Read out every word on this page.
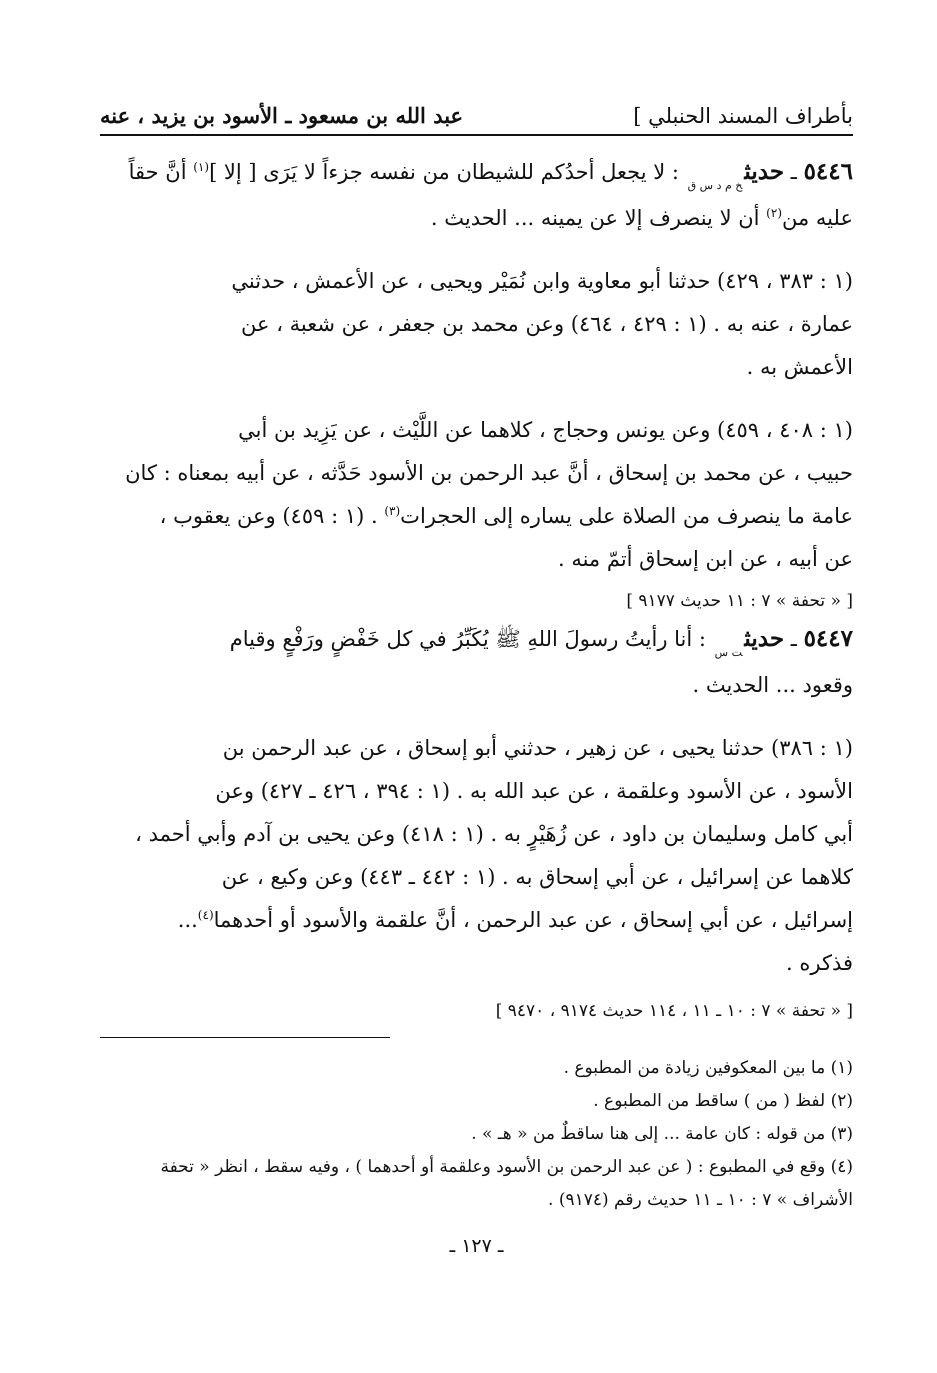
بأطراف المسند الحنبلي ]
عبد الله بن مسعود ـ الأسود بن يزيد ، عنه
٥٤٤٦ ـ حديث$_{خ م د س ق}$ : لا يجعل أحدُكم للشيطان من نفسه جزءاً لا يَرَى [ إلا ]$^{(١)}$ أنَّ حقاً
عليه من$^{(٢)}$ أن لا ينصرف إلا عن يمينه ... الحديث .
(١ : ٣٨٣ ، ٤٢٩) حدثنا أبو معاوية وابن نُمَيْر ويحيى ، عن الأعمش ، حدثني
عمارة ، عنه به . (١ : ٤٢٩ ، ٤٦٤) وعن محمد بن جعفر ، عن شعبة ، عن
الأعمش به .
(١ : ٤٠٨ ، ٤٥٩) وعن يونس وحجاج ، كلاهما عن اللَّيْث ، عن يَزِيد بن أبي
حبيب ، عن محمد بن إسحاق ، أنَّ عبد الرحمن بن الأسود حَدَّثه ، عن أبيه بمعناه : كان
عامة ما ينصرف من الصلاة على يساره إلى الحجرات$^{(٣)}$ . (١ : ٤٥٩) وعن يعقوب ،
عن أبيه ، عن ابن إسحاق أتمّ منه .
[ « تحفة » ٧ : ١١ حديث ٩١٧٧ ]
٥٤٤٧ ـ حديث$_{ت س}$ : أنا رأيتُ رسولَ اللهِ ﷺ يُكَبِّرُ في كل خَفْضٍ ورَفْعٍ وقيام
وقعود ... الحديث .
(١ : ٣٨٦) حدثنا يحيى ، عن زهير ، حدثني أبو إسحاق ، عن عبد الرحمن بن
الأسود ، عن الأسود وعلقمة ، عن عبد الله به . (١ : ٣٩٤ ، ٤٢٦ ـ ٤٢٧) وعن
أبي كامل وسليمان بن داود ، عن زُهَيْرٍ به . (١ : ٤١٨) وعن يحيى بن آدم وأبي أحمد ،
كلاهما عن إسرائيل ، عن أبي إسحاق به . (١ : ٤٤٢ ـ ٤٤٣) وعن وكيع ، عن
إسرائيل ، عن أبي إسحاق ، عن عبد الرحمن ، أنَّ علقمة والأسود أو أحدهما$^{(٤)}$...
فذكره .
[ « تحفة » ٧ : ١٠ ـ ١١ ، ١١٤ حديث ٩١٧٤ ، ٩٤٧٠ ]
(١) ما بين المعكوفين زيادة من المطبوع .
(٢) لفظ ( من ) ساقط من المطبوع .
(٣) من قوله : كان عامة ... إلى هنا ساقطٌ من « هـ » .
(٤) وقع في المطبوع : ( عن عبد الرحمن بن الأسود وعلقمة أو أحدهما ) ، وفيه سقط ، انظر « تحفة
الأشراف » ٧ : ١٠ ـ ١١ حديث رقم (٩١٧٤) .
ـ ١٢٧ ـ
